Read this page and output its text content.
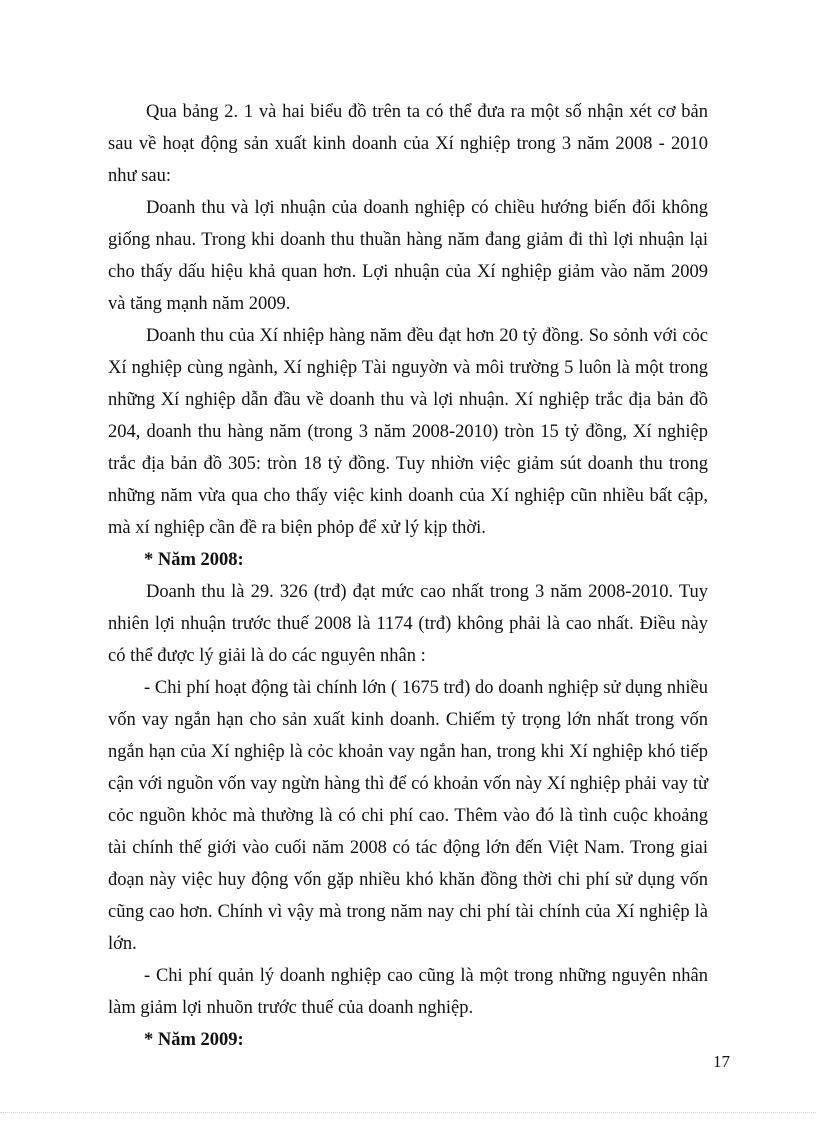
Qua bảng 2. 1 và hai biểu đồ trên ta có thể đưa ra một số nhận xét cơ bản sau về hoạt động sản xuất kinh doanh của Xí nghiệp trong 3 năm 2008 - 2010 như sau:

Doanh thu và lợi nhuận của doanh nghiệp có chiều hướng biến đổi không giống nhau. Trong khi doanh thu thuần hàng năm đang giảm đi thì lợi nhuận lại cho thấy dấu hiệu khả quan hơn. Lợi nhuận của Xí nghiệp giảm vào năm 2009 và tăng mạnh năm 2009.

Doanh thu của Xí nhiệp hàng năm đều đạt hơn 20 tỷ đồng. So sỏnh với cỏc Xí nghiệp cùng ngành, Xí nghiệp Tài nguyờn và môi trường 5 luôn là một trong những Xí nghiệp dẫn đầu về doanh thu và lợi nhuận. Xí nghiệp trắc địa bản đồ 204, doanh thu hàng năm (trong 3 năm 2008-2010) tròn 15 tỷ đồng, Xí nghiệp trắc địa bản đồ 305: tròn 18 tỷ đồng. Tuy nhiờn việc giảm sút doanh thu trong những năm vừa qua cho thấy việc kinh doanh của Xí nghiệp cũn nhiều bất cập, mà xí nghiệp cần đề ra biện phỏp để xử lý kịp thời.

* Năm 2008:

Doanh thu là 29. 326 (trđ) đạt mức cao nhất trong 3 năm 2008-2010. Tuy nhiên lợi nhuận trước thuế 2008 là 1174 (trđ) không phải là cao nhất. Điều này có thể được lý giải là do các nguyên nhân :

- Chi phí hoạt động tài chính lớn ( 1675 trđ) do doanh nghiệp sử dụng nhiều vốn vay ngắn hạn cho sản xuất kinh doanh. Chiếm tỷ trọng lớn nhất trong vốn ngắn hạn của Xí nghiệp là cỏc khoản vay ngắn han, trong khi Xí nghiệp khó tiếp cận với nguồn vốn vay ngừn hàng thì để có khoản vốn này Xí nghiệp phải vay từ cỏc nguồn khỏc mà thường là có chi phí cao. Thêm vào đó là tình cuộc khoảng tài chính thế giới vào cuối năm 2008 có tác động lớn đến Việt Nam. Trong giai đoạn này việc huy động vốn gặp nhiều khó khăn đồng thời chi phí sử dụng vốn cũng cao hơn. Chính vì vậy mà trong năm nay chi phí tài chính của Xí nghiệp là lớn.

- Chi phí quản lý doanh nghiệp cao cũng là một trong những nguyên nhân làm giảm lợi nhuõn trước thuế của doanh nghiệp.

* Năm 2009:

17
